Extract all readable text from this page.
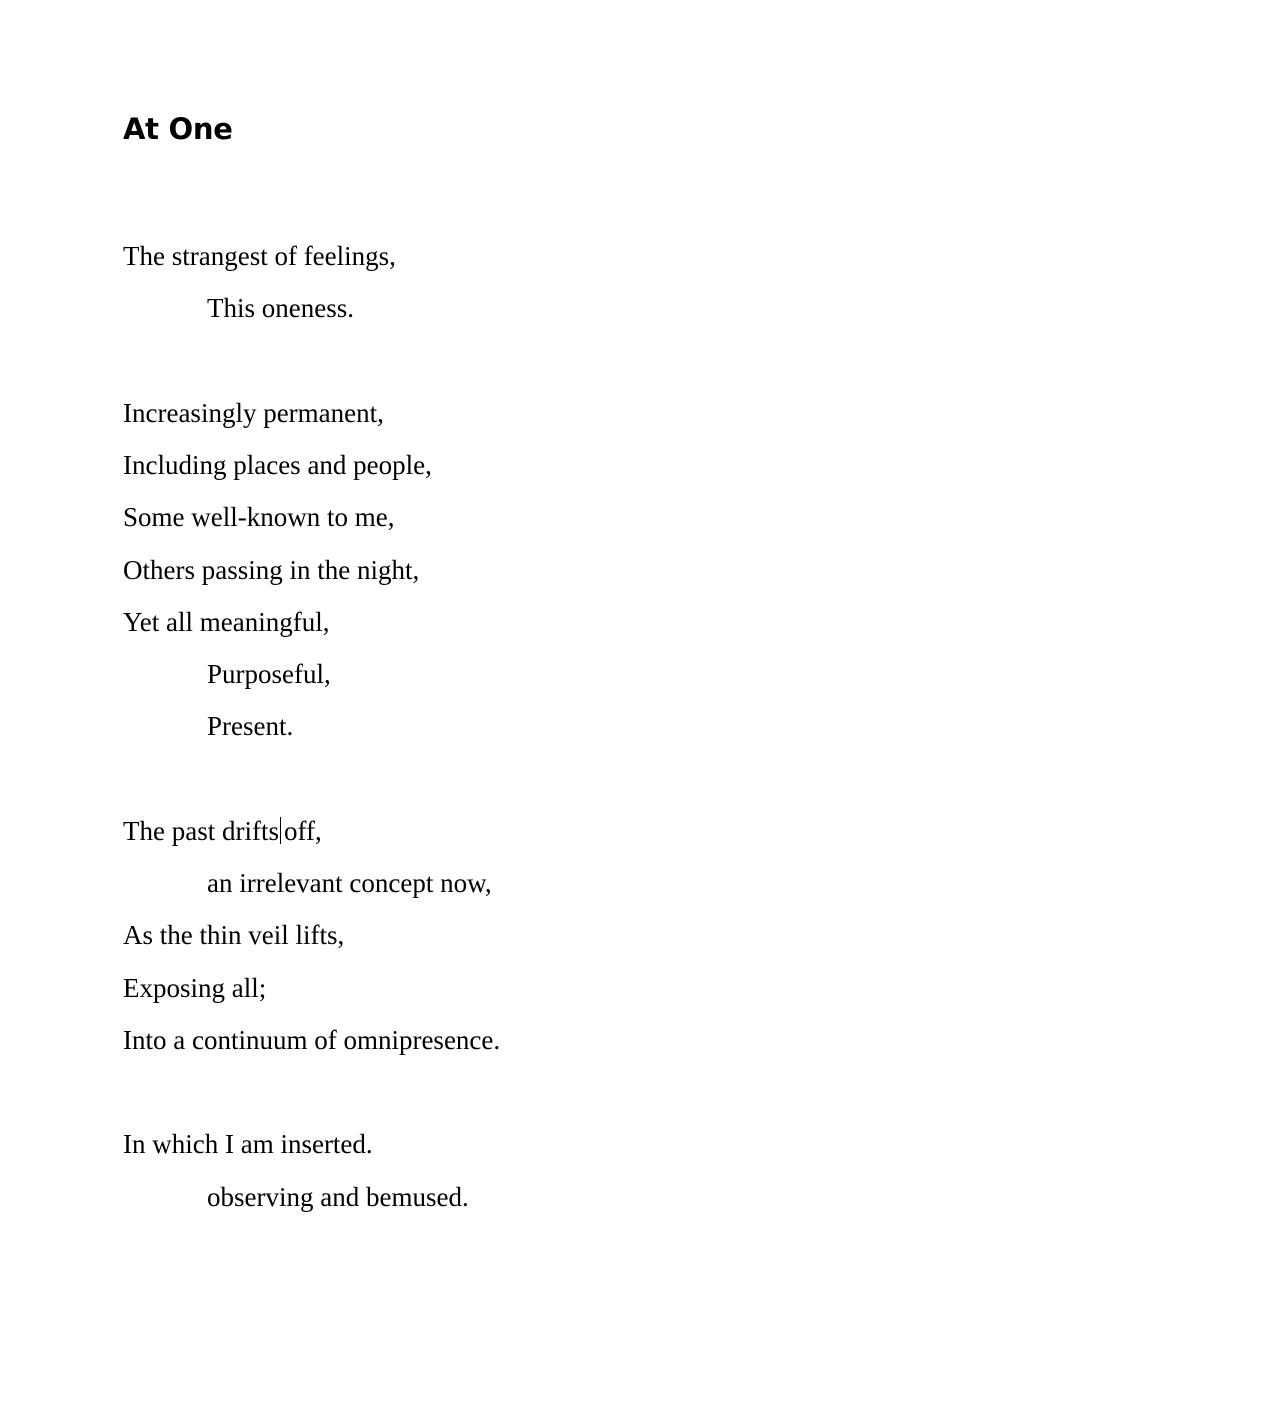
At One

The strangest of feelings,

This oneness.

Increasingly permanent,

Including places and people,

Some well-known to me,

Others passing in the night,

Yet all meaningful,

Purposeful,

Present.

The past drifts off,

an irrelevant concept now,

As the thin veil lifts,

Exposing all;

Into a continuum of omnipresence.

In which I am inserted.

observing and bemused.
